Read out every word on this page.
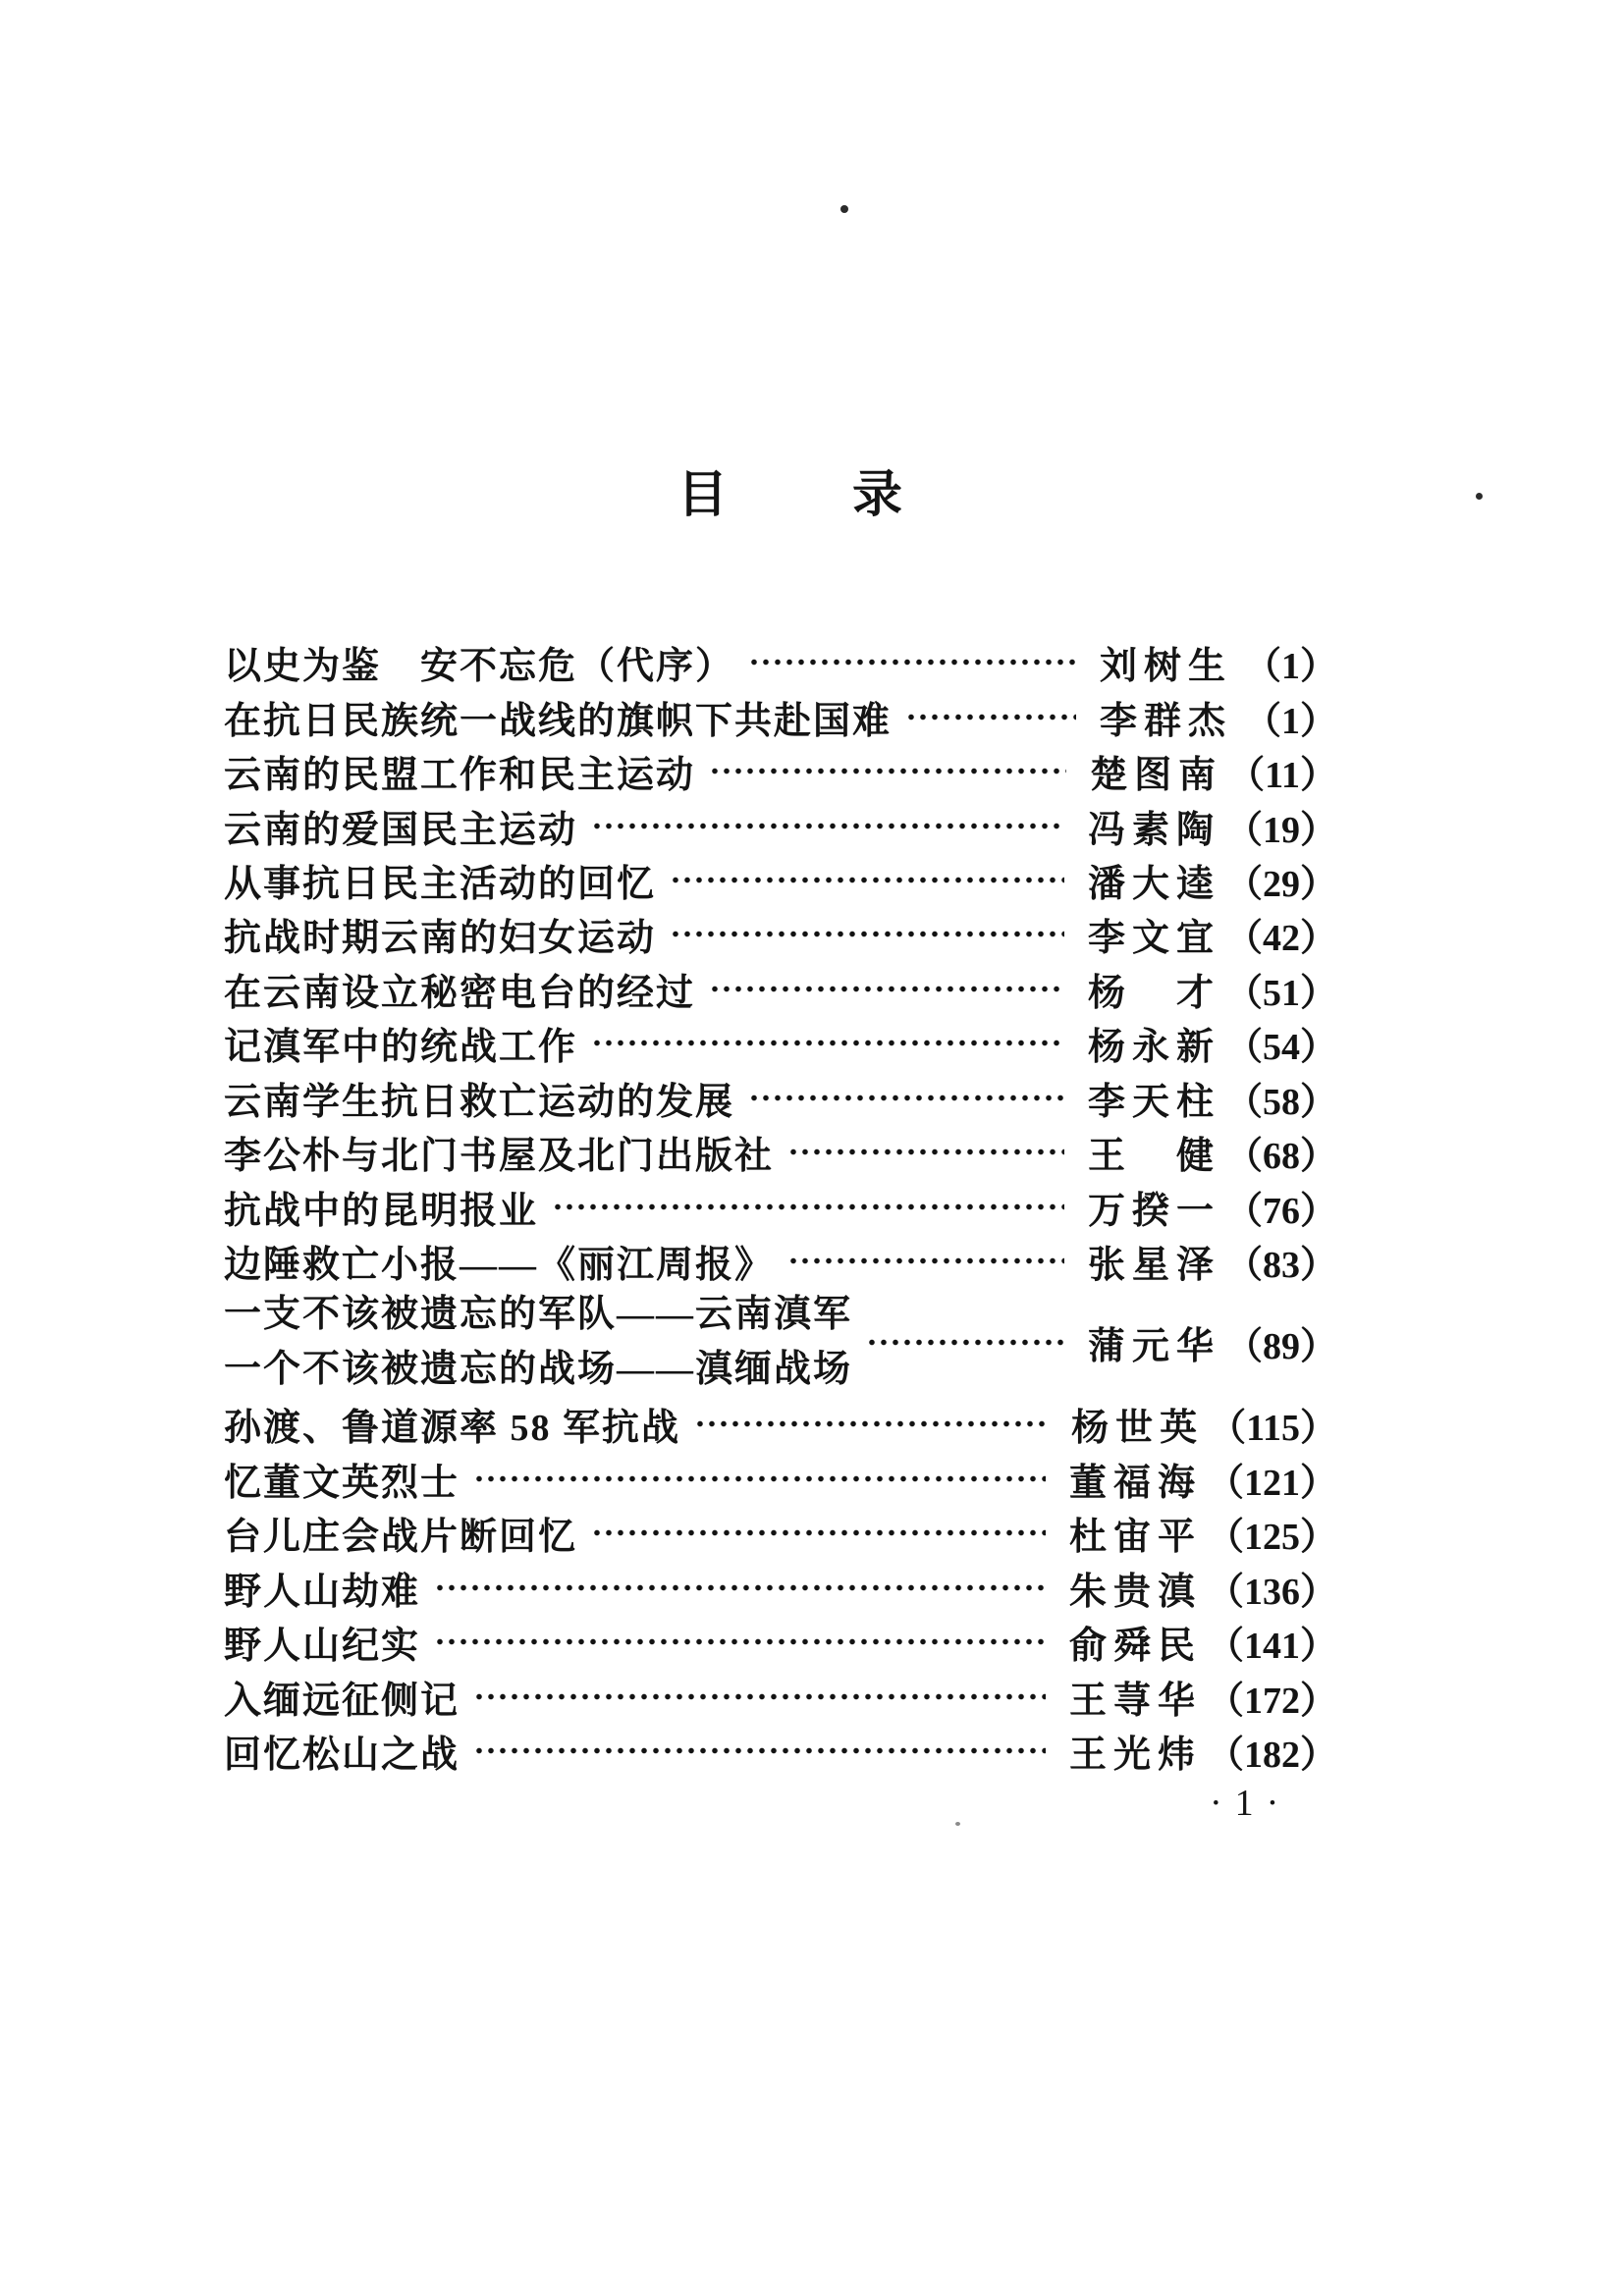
目　录
以史为鉴　安不忘危（代序）	刘树生 （1）
在抗日民族统一战线的旗帜下共赴国难	李群杰 （1）
云南的民盟工作和民主运动	楚图南 （11）
云南的爱国民主运动	冯素陶 （19）
从事抗日民主活动的回忆	潘大逵 （29）
抗战时期云南的妇女运动	李文宜 （42）
在云南设立秘密电台的经过	杨　才 （51）
记滇军中的统战工作	杨永新 （54）
云南学生抗日救亡运动的发展	李天柱 （58）
李公朴与北门书屋及北门出版社	王　健 （68）
抗战中的昆明报业	万揆一 （76）
边陲救亡小报——《丽江周报》	张星泽 （83）
一支不该被遗忘的军队——云南滇军
一个不该被遗忘的战场——滇缅战场
蒲元华 （89）
孙渡、鲁道源率 58 军抗战	杨世英 （115）
忆董文英烈士	董福海 （121）
台儿庄会战片断回忆	杜宙平 （125）
野人山劫难	朱贵滇 （136）
野人山纪实	俞舜民 （141）
入缅远征侧记	王荨华 （172）
回忆松山之战	王光炜 （182）
·1·
